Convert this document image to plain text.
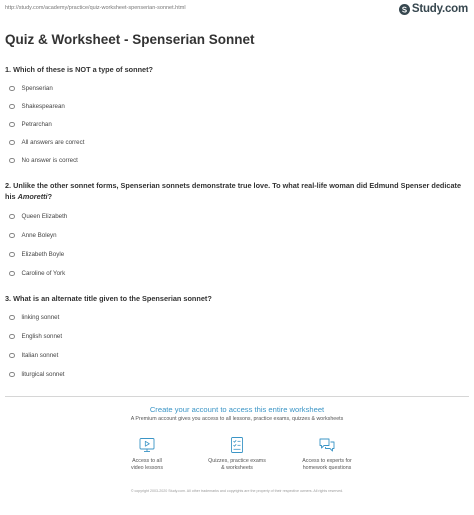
http://study.com/academy/practice/quiz-worksheet-spenserian-sonnet.html	Study.com
Quiz & Worksheet - Spenserian Sonnet
1. Which of these is NOT a type of sonnet?
Spenserian
Shakespearean
Petrarchan
All answers are correct
No answer is correct
2. Unlike the other sonnet forms, Spenserian sonnets demonstrate true love. To what real-life woman did Edmund Spenser dedicate his Amoretti?
Queen Elizabeth
Anne Boleyn
Elizabeth Boyle
Caroline of York
3. What is an alternate title given to the Spenserian sonnet?
linking sonnet
English sonnet
Italian sonnet
liturgical sonnet
Create your account to access this entire worksheet
A Premium account gives you access to all lessons, practice exams, quizzes & worksheets
Access to all
video lessons
Quizzes, practice exams
& worksheets
Access to experts for
homework questions
© copyright 2003-2020 Study.com. All other trademarks and copyrights are the property of their respective owners. All rights reserved.
